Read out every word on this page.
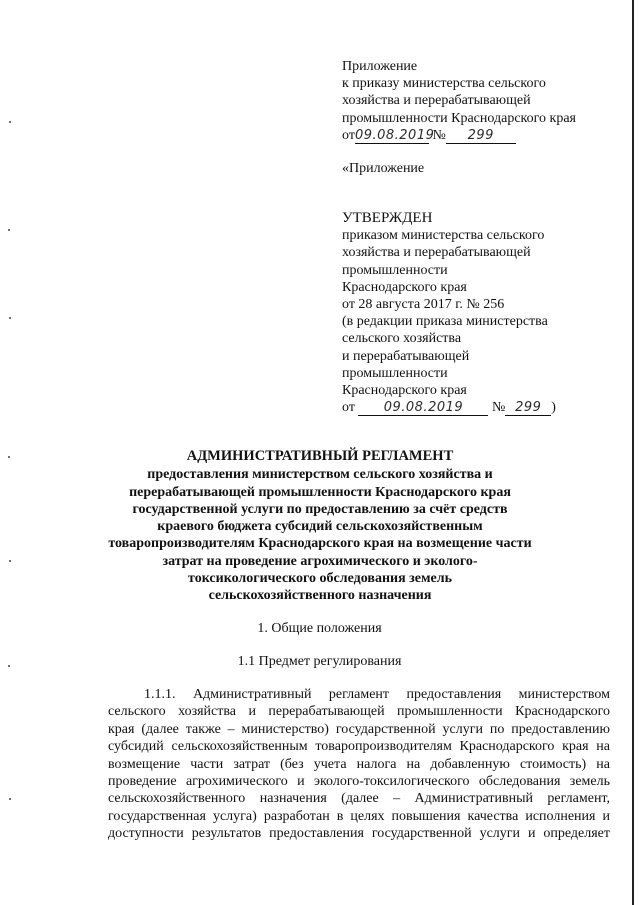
Приложение
к приказу министерства сельского
хозяйства и перерабатывающей
промышленности Краснодарского края
от09.08.2019 № 299
«Приложение
УТВЕРЖДЕН
приказом министерства сельского
хозяйства и перерабатывающей
промышленности
Краснодарского края
от 28 августа 2017 г. № 256
(в редакции приказа министерства
сельского хозяйства
и перерабатывающей
промышленности
Краснодарского края
от 09.08.2019 № 299 )
АДМИНИСТРАТИВНЫЙ РЕГЛАМЕНТ
предоставления министерством сельского хозяйства и
перерабатывающей промышленности Краснодарского края
государственной услуги по предоставлению за счёт средств
краевого бюджета субсидий сельскохозяйственным
товаропроизводителям Краснодарского края на возмещение части
затрат на проведение агрохимического и эколого-
токсикологического обследования земель
сельскохозяйственного назначения
1. Общие положения
1.1 Предмет регулирования
1.1.1. Административный регламент предоставления министерством
сельского хозяйства и перерабатывающей промышленности Краснодарского
края (далее также – министерство) государственной услуги по предоставлению
субсидий сельскохозяйственным товаропроизводителям Краснодарского края на
возмещение части затрат (без учета налога на добавленную стоимость) на
проведение агрохимического и эколого-токсилогического обследования земель
сельскохозяйственного назначения (далее – Административный регламент,
государственная услуга) разработан в целях повышения качества исполнения и
доступности результатов предоставления государственной услуги и определяет
